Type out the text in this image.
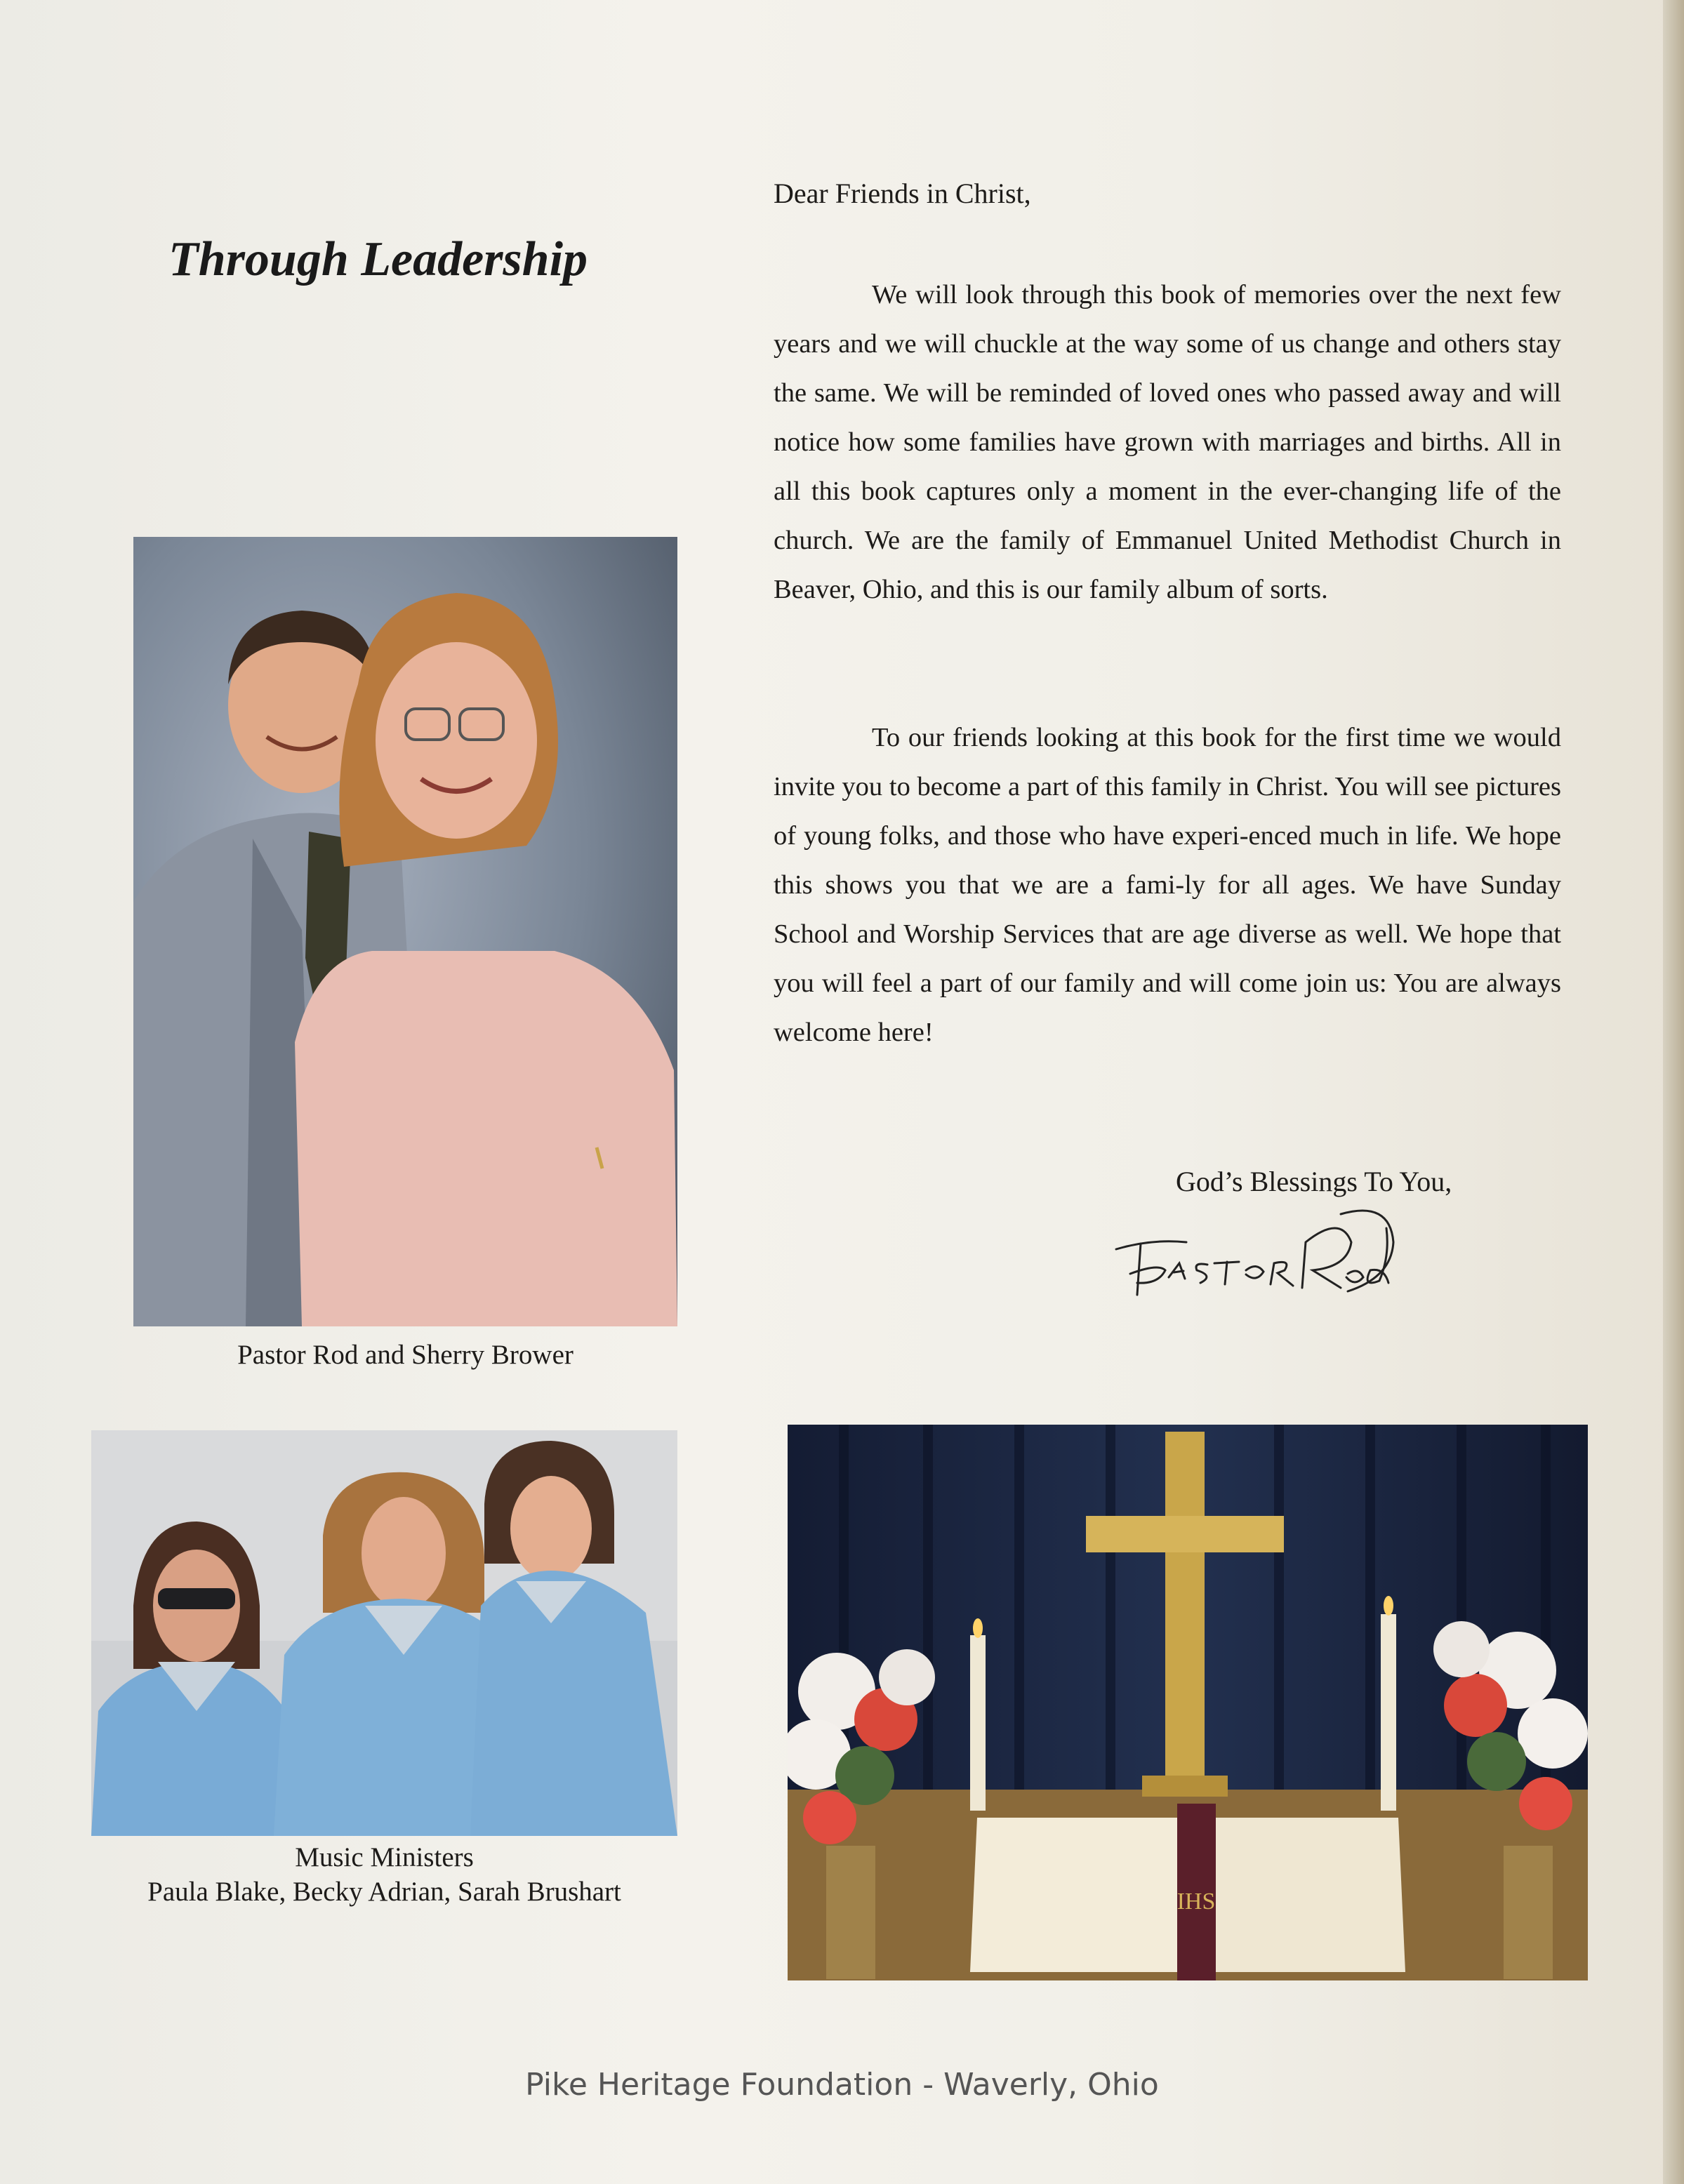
Through Leadership

Dear Friends in Christ,

We will look through this book of memories over the next few years and we will chuckle at the way some of us change and others stay the same. We will be reminded of loved ones who passed away and will notice how some families have grown with marriages and births. All in all this book captures only a moment in the ever-changing life of the church. We are the family of Emmanuel United Methodist Church in Beaver, Ohio, and this is our family album of sorts.

To our friends looking at this book for the first time we would invite you to become a part of this family in Christ. You will see pictures of young folks, and those who have experi-enced much in life. We hope this shows you that we are a fami-ly for all ages. We have Sunday School and Worship Services that are age diverse as well. We hope that you will feel a part of our family and will come join us: You are always welcome here!

God’s Blessings To You,

Pastor Rod and Sherry Brower

Music Ministers
Paula Blake, Becky Adrian, Sarah Brushart	IHS
Pike Heritage Foundation - Waverly, Ohio
